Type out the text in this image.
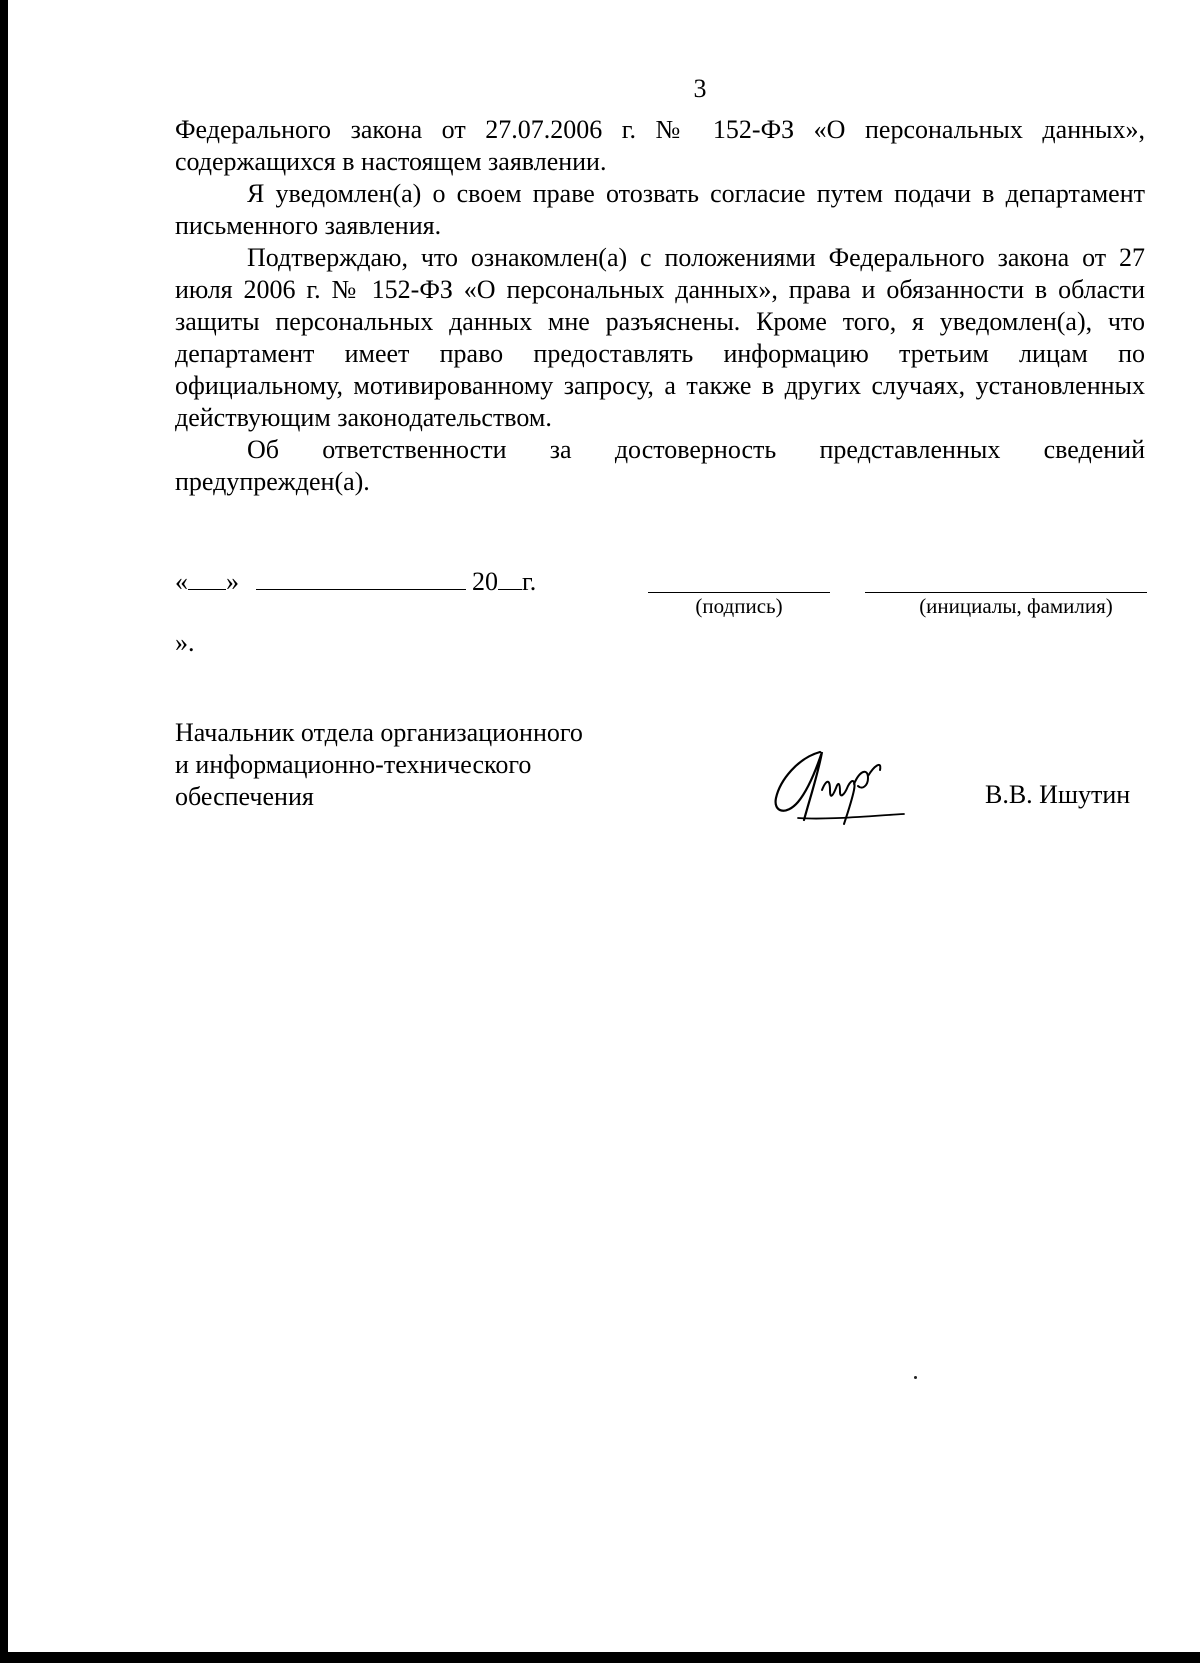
3

Федерального закона от 27.07.2006 г. № 152-ФЗ «О персональных данных», содержащихся в настоящем заявлении.

Я уведомлен(а) о своем праве отозвать согласие путем подачи в департамент письменного заявления.

Подтверждаю, что ознакомлен(а) с положениями Федерального закона от 27 июля 2006 г. № 152-ФЗ «О персональных данных», права и обязанности в области защиты персональных данных мне разъяснены. Кроме того, я уведомлен(а), что департамент имеет право предоставлять информацию третьим лицам по официальному, мотивированному запросу, а также в других случаях, установленных действующим законодательством.

Об ответственности за достоверность представленных сведений предупрежден(а).

« »	20 г.
(подпись)	(инициалы, фамилия)
».
Начальник отдела организационного
и информационно-технического
обеспечения	В.В. Ишутин
